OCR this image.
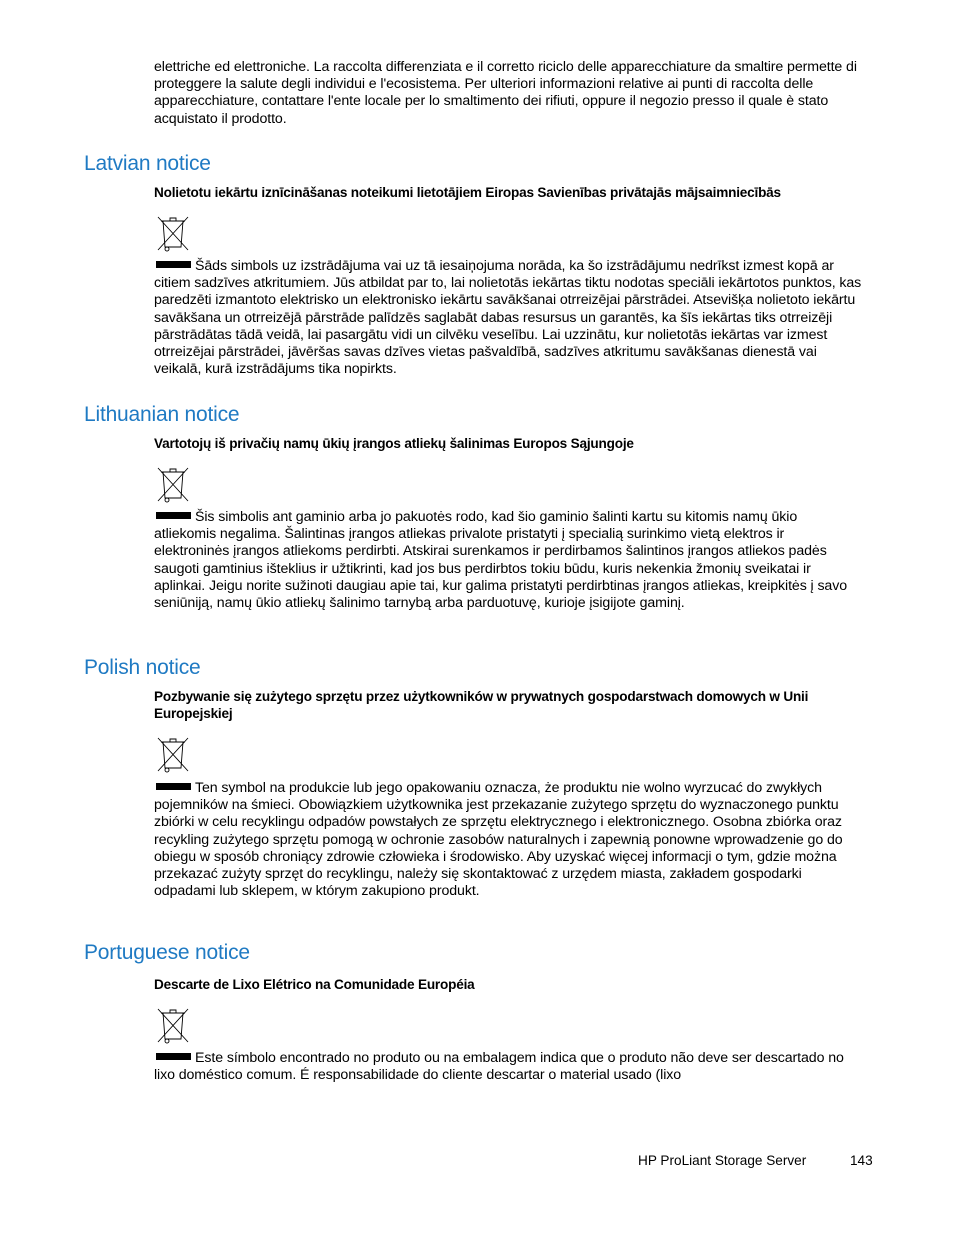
elettriche ed elettroniche. La raccolta differenziata e il corretto riciclo delle apparecchiature da smaltire permette di proteggere la salute degli individui e l'ecosistema. Per ulteriori informazioni relative ai punti di raccolta delle apparecchiature, contattare l'ente locale per lo smaltimento dei rifiuti, oppure il negozio presso il quale è stato acquistato il prodotto.

Latvian notice

Nolietotu iekārtu iznīcināšanas noteikumi lietotājiem Eiropas Savienības privātajās mājsaimniecībās

Šāds simbols uz izstrādājuma vai uz tā iesaiņojuma norāda, ka šo izstrādājumu nedrīkst izmest kopā ar citiem sadzīves atkritumiem. Jūs atbildat par to, lai nolietotās iekārtas tiktu nodotas speciāli iekārtotos punktos, kas paredzēti izmantoto elektrisko un elektronisko iekārtu savākšanai otrreizējai pārstrādei. Atsevišķa nolietoto iekārtu savākšana un otrreizējā pārstrāde palīdzēs saglabāt dabas resursus un garantēs, ka šīs iekārtas tiks otrreizēji pārstrādātas tādā veidā, lai pasargātu vidi un cilvēku veselību. Lai uzzinātu, kur nolietotās iekārtas var izmest otrreizējai pārstrādei, jāvēršas savas dzīves vietas pašvaldībā, sadzīves atkritumu savākšanas dienestā vai veikalā, kurā izstrādājums tika nopirkts.

Lithuanian notice

Vartotojų iš privačių namų ūkių įrangos atliekų šalinimas Europos Sąjungoje

Šis simbolis ant gaminio arba jo pakuotės rodo, kad šio gaminio šalinti kartu su kitomis namų ūkio atliekomis negalima. Šalintinas įrangos atliekas privalote pristatyti į specialią surinkimo vietą elektros ir elektroninės įrangos atliekoms perdirbti. Atskirai surenkamos ir perdirbamos šalintinos įrangos atliekos padės saugoti gamtinius išteklius ir užtikrinti, kad jos bus perdirbtos tokiu būdu, kuris nekenkia žmonių sveikatai ir aplinkai. Jeigu norite sužinoti daugiau apie tai, kur galima pristatyti perdirbtinas įrangos atliekas, kreipkitės į savo seniūniją, namų ūkio atliekų šalinimo tarnybą arba parduotuvę, kurioje įsigijote gaminį.

Polish notice

Pozbywanie się zużytego sprzętu przez użytkowników w prywatnych gospodarstwach domowych w Unii Europejskiej

Ten symbol na produkcie lub jego opakowaniu oznacza, że produktu nie wolno wyrzucać do zwykłych pojemników na śmieci. Obowiązkiem użytkownika jest przekazanie zużytego sprzętu do wyznaczonego punktu zbiórki w celu recyklingu odpadów powstałych ze sprzętu elektrycznego i elektronicznego. Osobna zbiórka oraz recykling zużytego sprzętu pomogą w ochronie zasobów naturalnych i zapewnią ponowne wprowadzenie go do obiegu w sposób chroniący zdrowie człowieka i środowisko. Aby uzyskać więcej informacji o tym, gdzie można przekazać zużyty sprzęt do recyklingu, należy się skontaktować z urzędem miasta, zakładem gospodarki odpadami lub sklepem, w którym zakupiono produkt.

Portuguese notice

Descarte de Lixo Elétrico na Comunidade Européia

Este símbolo encontrado no produto ou na embalagem indica que o produto não deve ser descartado no lixo doméstico comum. É responsabilidade do cliente descartar o material usado (lixo

HP ProLiant Storage Server	143
